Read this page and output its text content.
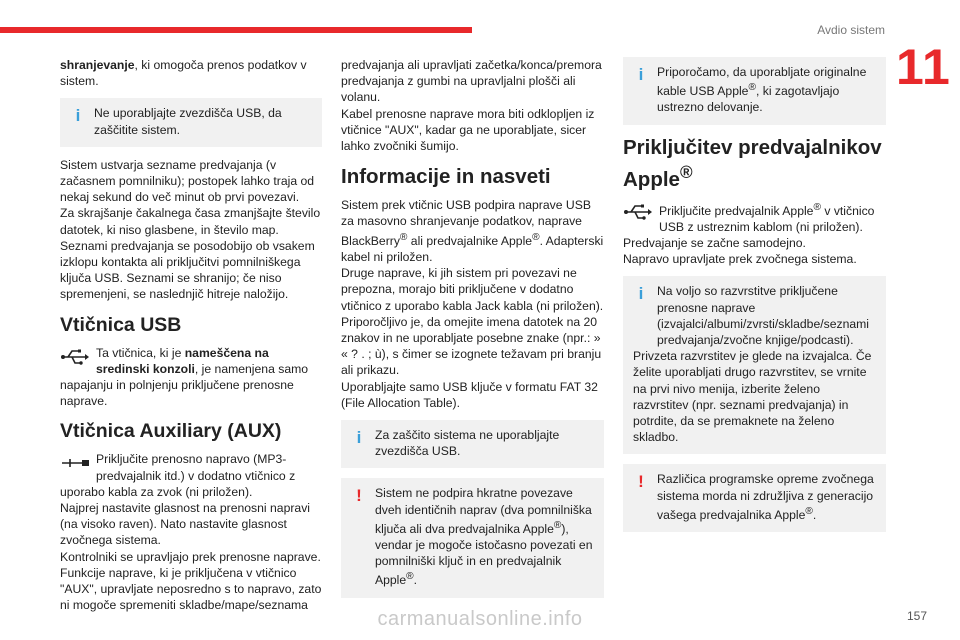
Avdio sistem
11

shranjevanje, ki omogoča prenos podatkov v sistem.

i	Ne uporabljajte zvezdišča USB, da zaščitite sistem.

Sistem ustvarja sezname predvajanja (v začasnem pomnilniku); postopek lahko traja od nekaj sekund do več minut ob prvi povezavi.

Za skrajšanje čakalnega časa zmanjšajte število datotek, ki niso glasbene, in število map.

Seznami predvajanja se posodobijo ob vsakem izklopu kontakta ali priključitvi pomnilniškega ključa USB. Seznami se shranijo; če niso spremenjeni, se naslednjič hitreje naložijo.

Vtičnica USB

Ta vtičnica, ki je nameščena na sredinski konzoli, je namenjena samo napajanju in polnjenju priključene prenosne naprave.

Vtičnica Auxiliary (AUX)

Priključite prenosno napravo (MP3-predvajalnik itd.) v dodatno vtičnico z uporabo kabla za zvok (ni priložen).

Najprej nastavite glasnost na prenosni napravi (na visoko raven). Nato nastavite glasnost zvočnega sistema.

Kontrolniki se upravljajo prek prenosne naprave.

Funkcije naprave, ki je priključena v vtičnico "AUX", upravljate neposredno s to napravo, zato ni mogoče spremeniti skladbe/mape/seznama

predvajanja ali upravljati začetka/konca/premora predvajanja z gumbi na upravljalni plošči ali volanu.

Kabel prenosne naprave mora biti odklopljen iz vtičnice "AUX", kadar ga ne uporabljate, sicer lahko zvočniki šumijo.

Informacije in nasveti

Sistem prek vtičnic USB podpira naprave USB za masovno shranjevanje podatkov, naprave BlackBerry® ali predvajalnike Apple®. Adapterski kabel ni priložen.

Druge naprave, ki jih sistem pri povezavi ne prepozna, morajo biti priključene v dodatno vtičnico z uporabo kabla Jack kabla (ni priložen).

Priporočljivo je, da omejite imena datotek na 20 znakov in ne uporabljate posebne znake (npr.: » « ? . ; ù), s čimer se izognete težavam pri branju ali prikazu.

Uporabljajte samo USB ključe v formatu FAT 32 (File Allocation Table).

i	Za zaščito sistema ne uporabljajte zvezdišča USB.

!	Sistem ne podpira hkratne povezave dveh identičnih naprav (dva pomnilniška ključa ali dva predvajalnika Apple®), vendar je mogoče istočasno povezati en pomnilniški ključ in en predvajalnik Apple®.

i	Priporočamo, da uporabljate originalne kable USB Apple®, ki zagotavljajo ustrezno delovanje.

Priključitev predvajalnikov Apple®

Priključite predvajalnik Apple® v vtičnico USB z ustreznim kablom (ni priložen).

Predvajanje se začne samodejno.

Napravo upravljate prek zvočnega sistema.

i	Na voljo so razvrstitve priključene prenosne naprave (izvajalci/albumi/zvrsti/skladbe/seznami predvajanja/zvočne knjige/podcasti).

Privzeta razvrstitev je glede na izvajalca. Če želite uporabljati drugo razvrstitev, se vrnite na prvi nivo menija, izberite želeno razvrstitev (npr. seznami predvajanja) in potrdite, da se premaknete na želeno skladbo.

!	Različica programske opreme zvočnega sistema morda ni združljiva z generacijo vašega predvajalnika Apple®.

157
carmanualsonline.info
